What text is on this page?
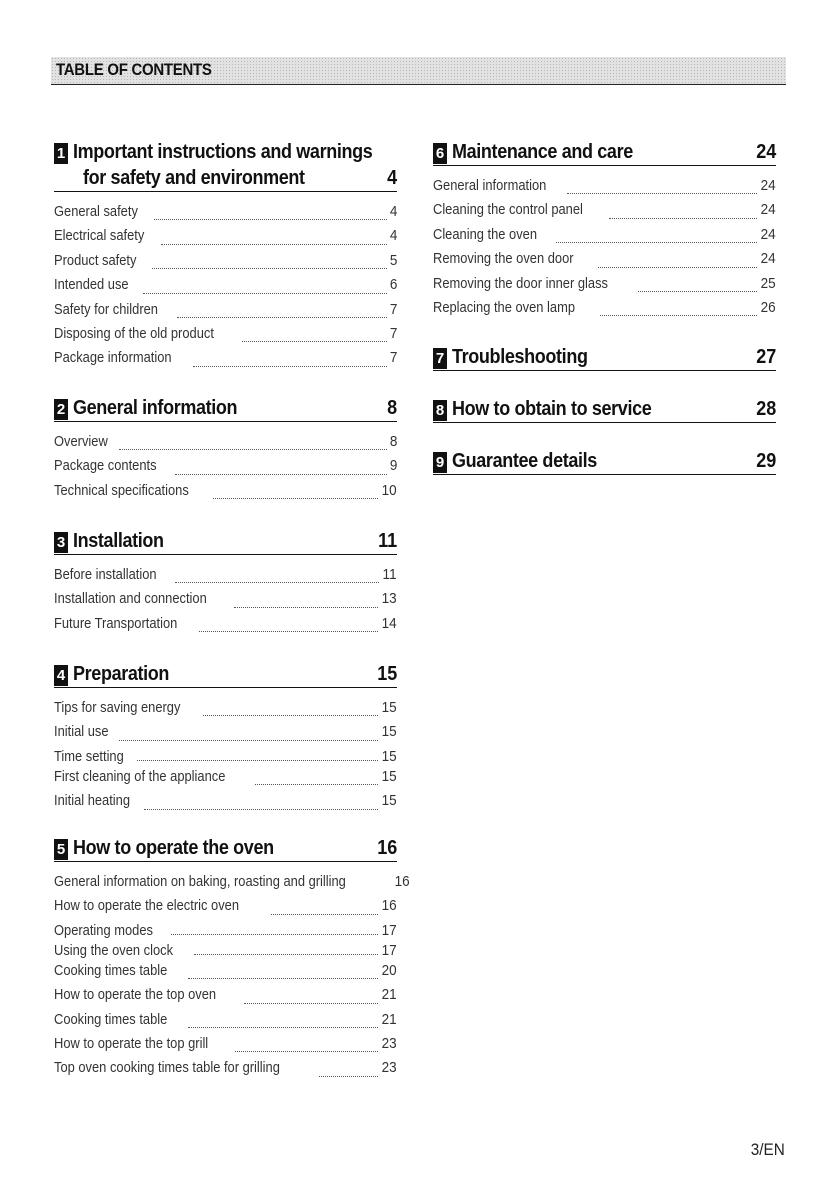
TABLE OF CONTENTS
1 Important instructions and warnings
for safety and environment	4
General safety	4
Electrical safety	4
Product safety	5
Intended use	6
Safety for children	7
Disposing of the old product	7
Package information	7
2 General information	8
Overview	8
Package contents	9
Technical specifications	10
3 Installation	11
Before installation	11
Installation and connection	13
Future Transportation	14
4 Preparation	15
Tips for saving energy	15
Initial use	15
Time setting	15
First cleaning of the appliance	15
Initial heating	15
5 How to operate the oven	16
General information on baking, roasting and grilling	16
How to operate the electric oven	16
Operating modes	17
Using the oven clock	17
Cooking times table	20
How to operate the top oven	21
Cooking times table	21
How to operate the top grill	23
Top oven cooking times table for grilling	23
6 Maintenance and care	24
General information	24
Cleaning the control panel	24
Cleaning the oven	24
Removing the oven door	24
Removing the door inner glass	25
Replacing the oven lamp	26
7 Troubleshooting	27
8 How to obtain to service	28
9 Guarantee details	29
3/EN
